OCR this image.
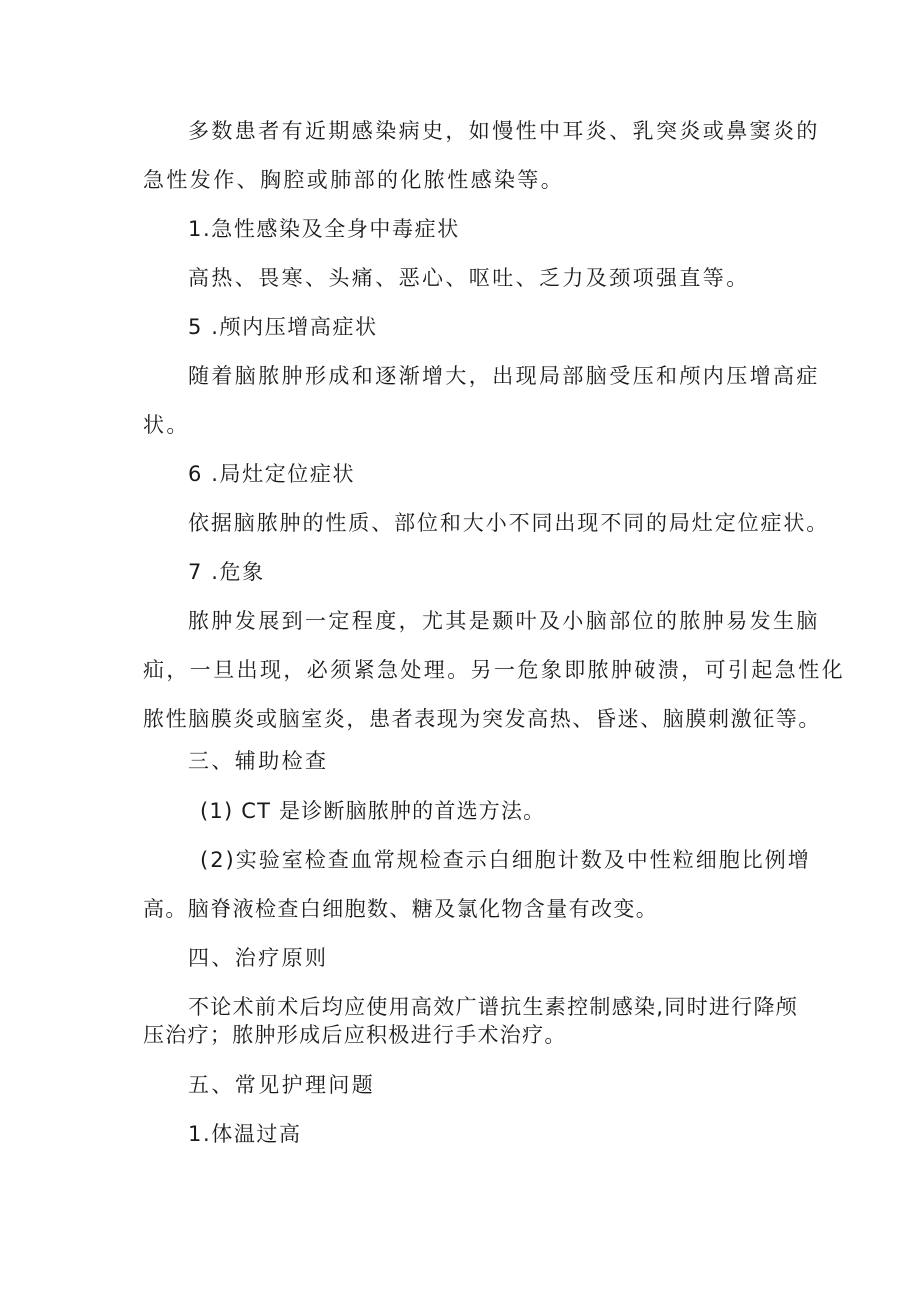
多数患者有近期感染病史，如慢性中耳炎、乳突炎或鼻窦炎的
急性发作、胸腔或肺部的化脓性感染等。
1.急性感染及全身中毒症状
高热、畏寒、头痛、恶心、呕吐、乏力及颈项强直等。
5 .颅内压增高症状
随着脑脓肿形成和逐渐增大，出现局部脑受压和颅内压增高症
状。
6 .局灶定位症状
依据脑脓肿的性质、部位和大小不同出现不同的局灶定位症状。
7 .危象
脓肿发展到一定程度，尤其是颞叶及小脑部位的脓肿易发生脑
疝，一旦出现，必须紧急处理。另一危象即脓肿破溃，可引起急性化
脓性脑膜炎或脑室炎，患者表现为突发高热、昏迷、脑膜刺激征等。
三、辅助检查
(1) CT 是诊断脑脓肿的首选方法。
(2)实验室检查血常规检查示白细胞计数及中性粒细胞比例增
高。脑脊液检查白细胞数、糖及氯化物含量有改变。
四、治疗原则
不论术前术后均应使用高效广谱抗生素控制感染,同时进行降颅
压治疗；脓肿形成后应积极进行手术治疗。
五、常见护理问题
1.体温过高
